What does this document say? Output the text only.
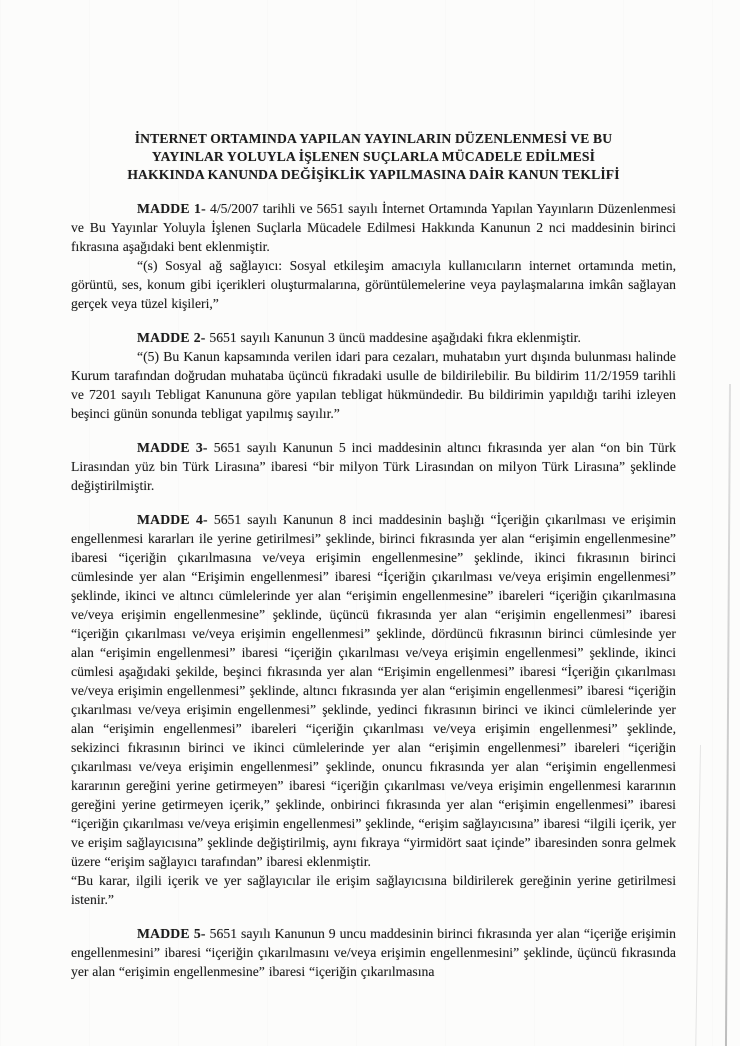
İNTERNET ORTAMINDA YAPILAN YAYINLARIN DÜZENLENMESİ VE BU
YAYINLAR YOLUYLA İŞLENEN SUÇLARLA MÜCADELE EDİLMESİ
HAKKINDA KANUNDA DEĞİŞİKLİK YAPILMASINA DAİR KANUN TEKLİFİ

MADDE 1- 4/5/2007 tarihli ve 5651 sayılı İnternet Ortamında Yapılan Yayınların Düzenlenmesi ve Bu Yayınlar Yoluyla İşlenen Suçlarla Mücadele Edilmesi Hakkında Kanunun 2 nci maddesinin birinci fıkrasına aşağıdaki bent eklenmiştir.

“(s) Sosyal ağ sağlayıcı: Sosyal etkileşim amacıyla kullanıcıların internet ortamında metin, görüntü, ses, konum gibi içerikleri oluşturmalarına, görüntülemelerine veya paylaşmalarına imkân sağlayan gerçek veya tüzel kişileri,”

MADDE 2- 5651 sayılı Kanunun 3 üncü maddesine aşağıdaki fıkra eklenmiştir.

“(5) Bu Kanun kapsamında verilen idari para cezaları, muhatabın yurt dışında bulunması halinde Kurum tarafından doğrudan muhataba üçüncü fıkradaki usulle de bildirilebilir. Bu bildirim 11/2/1959 tarihli ve 7201 sayılı Tebligat Kanununa göre yapılan tebligat hükmündedir. Bu bildirimin yapıldığı tarihi izleyen beşinci günün sonunda tebligat yapılmış sayılır.”

MADDE 3- 5651 sayılı Kanunun 5 inci maddesinin altıncı fıkrasında yer alan “on bin Türk Lirasından yüz bin Türk Lirasına” ibaresi “bir milyon Türk Lirasından on milyon Türk Lirasına” şeklinde değiştirilmiştir.

MADDE 4- 5651 sayılı Kanunun 8 inci maddesinin başlığı “İçeriğin çıkarılması ve erişimin engellenmesi kararları ile yerine getirilmesi” şeklinde, birinci fıkrasında yer alan “erişimin engellenmesine” ibaresi “içeriğin çıkarılmasına ve/veya erişimin engellenmesine” şeklinde, ikinci fıkrasının birinci cümlesinde yer alan “Erişimin engellenmesi” ibaresi “İçeriğin çıkarılması ve/veya erişimin engellenmesi” şeklinde, ikinci ve altıncı cümlelerinde yer alan “erişimin engellenmesine” ibareleri “içeriğin çıkarılmasına ve/veya erişimin engellenmesine” şeklinde, üçüncü fıkrasında yer alan “erişimin engellenmesi” ibaresi “içeriğin çıkarılması ve/veya erişimin engellenmesi” şeklinde, dördüncü fıkrasının birinci cümlesinde yer alan “erişimin engellenmesi” ibaresi “içeriğin çıkarılması ve/veya erişimin engellenmesi” şeklinde, ikinci cümlesi aşağıdaki şekilde, beşinci fıkrasında yer alan “Erişimin engellenmesi” ibaresi “İçeriğin çıkarılması ve/veya erişimin engellenmesi” şeklinde, altıncı fıkrasında yer alan “erişimin engellenmesi” ibaresi “içeriğin çıkarılması ve/veya erişimin engellenmesi” şeklinde, yedinci fıkrasının birinci ve ikinci cümlelerinde yer alan “erişimin engellenmesi” ibareleri “içeriğin çıkarılması ve/veya erişimin engellenmesi” şeklinde, sekizinci fıkrasının birinci ve ikinci cümlelerinde yer alan “erişimin engellenmesi” ibareleri “içeriğin çıkarılması ve/veya erişimin engellenmesi” şeklinde, onuncu fıkrasında yer alan “erişimin engellenmesi kararının gereğini yerine getirmeyen” ibaresi “içeriğin çıkarılması ve/veya erişimin engellenmesi kararının gereğini yerine getirmeyen içerik,” şeklinde, onbirinci fıkrasında yer alan “erişimin engellenmesi” ibaresi “içeriğin çıkarılması ve/veya erişimin engellenmesi” şeklinde, “erişim sağlayıcısına” ibaresi “ilgili içerik, yer ve erişim sağlayıcısına” şeklinde değiştirilmiş, aynı fıkraya “yirmidört saat içinde” ibaresinden sonra gelmek üzere “erişim sağlayıcı tarafından” ibaresi eklenmiştir.

“Bu karar, ilgili içerik ve yer sağlayıcılar ile erişim sağlayıcısına bildirilerek gereğinin yerine getirilmesi istenir.”

MADDE 5- 5651 sayılı Kanunun 9 uncu maddesinin birinci fıkrasında yer alan “içeriğe erişimin engellenmesini” ibaresi “içeriğin çıkarılmasını ve/veya erişimin engellenmesini” şeklinde, üçüncü fıkrasında yer alan “erişimin engellenmesine” ibaresi “içeriğin çıkarılmasına
